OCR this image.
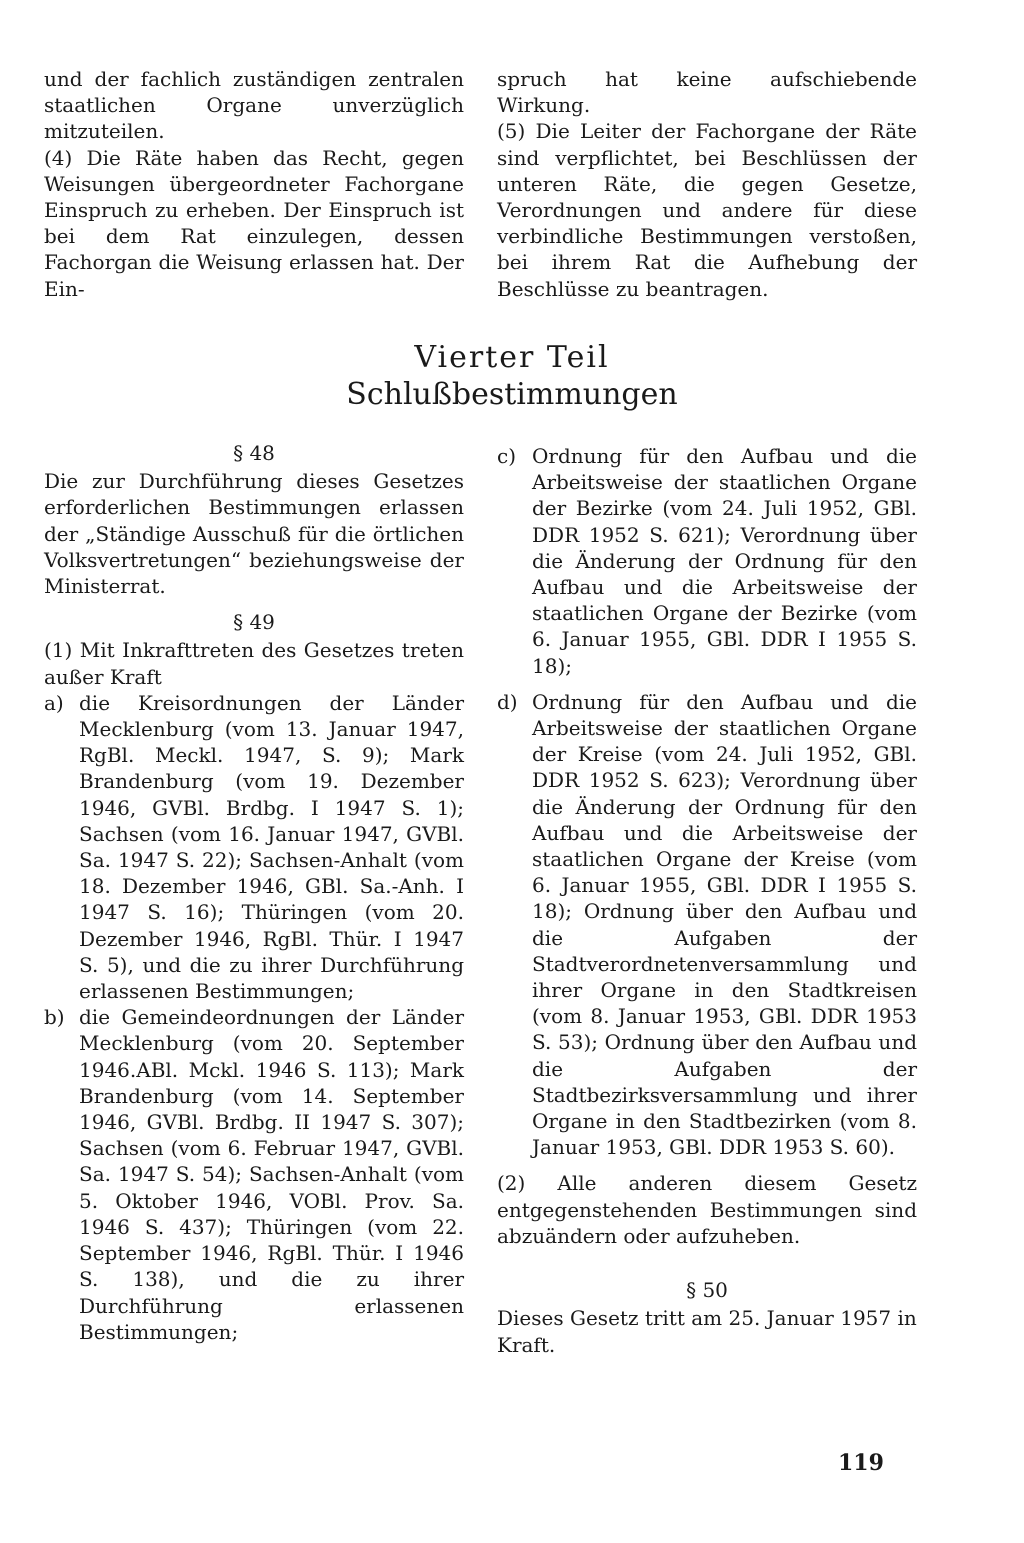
und der fachlich zuständigen zentralen staatlichen Organe unverzüglich mitzuteilen.

(4) Die Räte haben das Recht, gegen Weisungen übergeordneter Fachorgane Einspruch zu erheben. Der Einspruch ist bei dem Rat einzulegen, dessen Fachorgan die Weisung erlassen hat. Der Ein-

spruch hat keine aufschiebende Wirkung.

(5) Die Leiter der Fachorgane der Räte sind verpflichtet, bei Beschlüssen der unteren Räte, die gegen Gesetze, Verordnungen und andere für diese verbindliche Bestimmungen verstoßen, bei ihrem Rat die Aufhebung der Beschlüsse zu beantragen.

Vierter Teil
Schlußbestimmungen
§ 48

Die zur Durchführung dieses Gesetzes erforderlichen Bestimmungen erlassen der „Ständige Ausschuß für die örtlichen Volksvertretungen“ beziehungsweise der Ministerrat.

§ 49

(1) Mit Inkrafttreten des Gesetzes treten außer Kraft

a) die Kreisordnungen der Länder Mecklenburg (vom 13. Januar 1947, RgBl. Meckl. 1947, S. 9); Mark Brandenburg (vom 19. Dezember 1946, GVBl. Brdbg. I 1947 S. 1); Sachsen (vom 16. Januar 1947, GVBl. Sa. 1947 S. 22); Sachsen-Anhalt (vom 18. Dezember 1946, GBl. Sa.-Anh. I 1947 S. 16); Thüringen (vom 20. Dezember 1946, RgBl. Thür. I 1947 S. 5), und die zu ihrer Durchführung erlassenen Bestimmungen;
b) die Gemeindeordnungen der Länder Mecklenburg (vom 20. September 1946.ABl. Mckl. 1946 S. 113); Mark Brandenburg (vom 14. September 1946, GVBl. Brdbg. II 1947 S. 307); Sachsen (vom 6. Februar 1947, GVBl. Sa. 1947 S. 54); Sachsen-Anhalt (vom 5. Oktober 1946, VOBl. Prov. Sa. 1946 S. 437); Thüringen (vom 22. September 1946, RgBl. Thür. I 1946 S. 138), und die zu ihrer Durchführung erlassenen Bestimmungen;
c) Ordnung für den Aufbau und die Arbeitsweise der staatlichen Organe der Bezirke (vom 24. Juli 1952, GBl. DDR 1952 S. 621); Verordnung über die Änderung der Ordnung für den Aufbau und die Arbeitsweise der staatlichen Organe der Bezirke (vom 6. Januar 1955, GBl. DDR I 1955 S. 18);
d) Ordnung für den Aufbau und die Arbeitsweise der staatlichen Organe der Kreise (vom 24. Juli 1952, GBl. DDR 1952 S. 623); Verordnung über die Änderung der Ordnung für den Aufbau und die Arbeitsweise der staatlichen Organe der Kreise (vom 6. Januar 1955, GBl. DDR I 1955 S. 18); Ordnung über den Aufbau und die Aufgaben der Stadtverordnetenversammlung und ihrer Organe in den Stadtkreisen (vom 8. Januar 1953, GBl. DDR 1953 S. 53); Ordnung über den Aufbau und die Aufgaben der Stadtbezirksversammlung und ihrer Organe in den Stadtbezirken (vom 8. Januar 1953, GBl. DDR 1953 S. 60).

(2) Alle anderen diesem Gesetz entgegenstehenden Bestimmungen sind abzuändern oder aufzuheben.

§ 50

Dieses Gesetz tritt am 25. Januar 1957 in Kraft.

119
